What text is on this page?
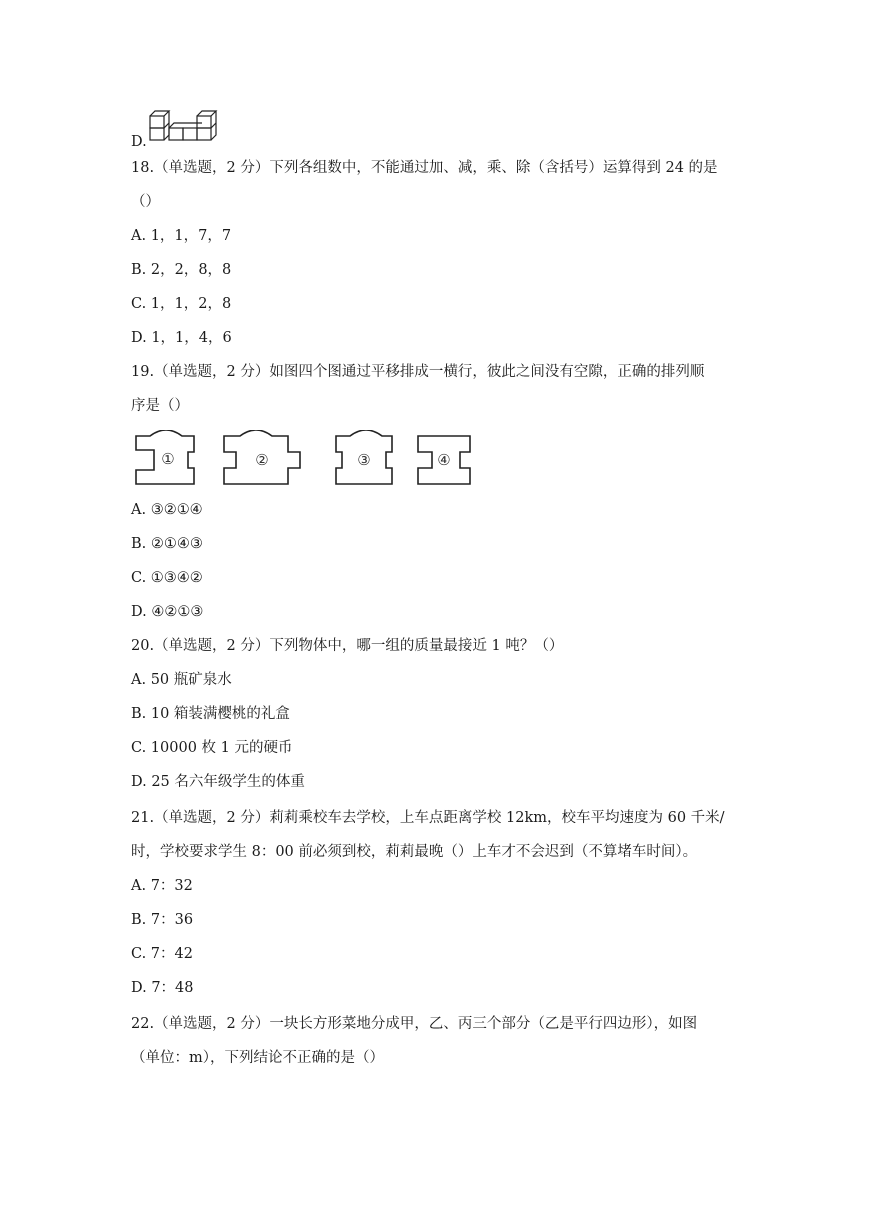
D.
18.（单选题，2 分）下列各组数中，不能通过加、减，乘、除（含括号）运算得到 24 的是
（）
A. 1，1，7，7
B. 2，2，8，8
C. 1，1，2，8
D. 1，1，4，6
19.（单选题，2 分）如图四个图通过平移排成一横行，彼此之间没有空隙，正确的排列顺
序是（）
①	②	③	④
A. ③②①④
B. ②①④③
C. ①③④②
D. ④②①③
20.（单选题，2 分）下列物体中，哪一组的质量最接近 1 吨？（）
A. 50 瓶矿泉水
B. 10 箱装满樱桃的礼盒
C. 10000 枚 1 元的硬币
D. 25 名六年级学生的体重
21.（单选题，2 分）莉莉乘校车去学校，上车点距离学校 12km，校车平均速度为 60 千米/
时，学校要求学生 8：00 前必须到校，莉莉最晚（）上车才不会迟到（不算堵车时间）。
A. 7：32
B. 7：36
C. 7：42
D. 7：48
22.（单选题，2 分）一块长方形菜地分成甲，乙、丙三个部分（乙是平行四边形），如图
（单位：m），下列结论不正确的是（）
